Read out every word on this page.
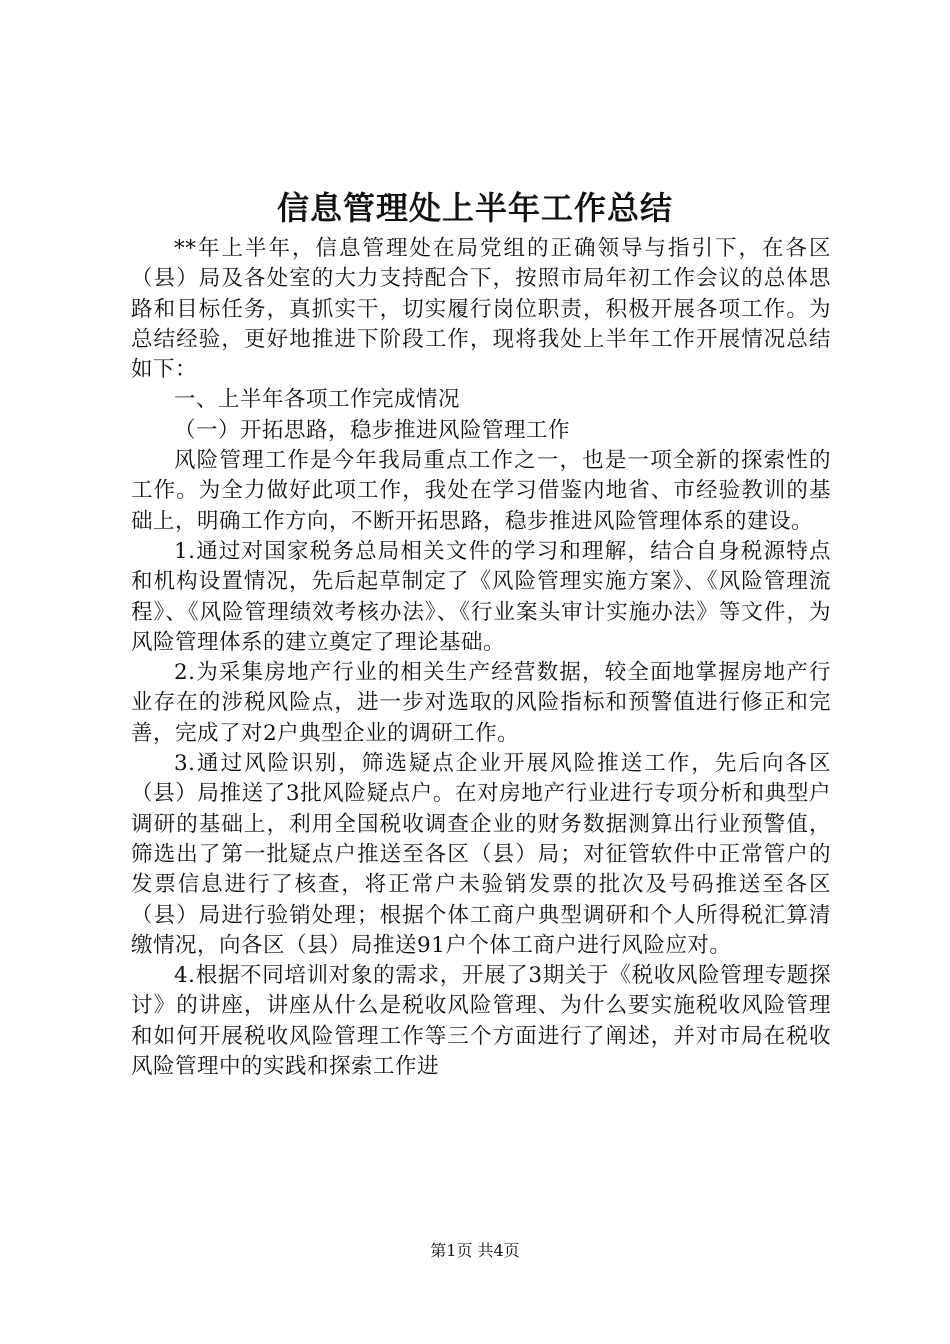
信息管理处上半年工作总结

**年上半年，信息管理处在局党组的正确领导与指引下，在各区（县）局及各处室的大力支持配合下，按照市局年初工作会议的总体思路和目标任务，真抓实干，切实履行岗位职责，积极开展各项工作。为总结经验，更好地推进下阶段工作，现将我处上半年工作开展情况总结如下：

一、上半年各项工作完成情况

（一）开拓思路，稳步推进风险管理工作

风险管理工作是今年我局重点工作之一，也是一项全新的探索性的工作。为全力做好此项工作，我处在学习借鉴内地省、市经验教训的基础上，明确工作方向，不断开拓思路，稳步推进风险管理体系的建设。

1.通过对国家税务总局相关文件的学习和理解，结合自身税源特点和机构设置情况，先后起草制定了《风险管理实施方案》、《风险管理流程》、《风险管理绩效考核办法》、《行业案头审计实施办法》等文件，为风险管理体系的建立奠定了理论基础。

2.为采集房地产行业的相关生产经营数据，较全面地掌握房地产行业存在的涉税风险点，进一步对选取的风险指标和预警值进行修正和完善，完成了对2户典型企业的调研工作。

3.通过风险识别，筛选疑点企业开展风险推送工作，先后向各区（县）局推送了3批风险疑点户。在对房地产行业进行专项分析和典型户调研的基础上，利用全国税收调查企业的财务数据测算出行业预警值，筛选出了第一批疑点户推送至各区（县）局；对征管软件中正常管户的发票信息进行了核查，将正常户未验销发票的批次及号码推送至各区（县）局进行验销处理；根据个体工商户典型调研和个人所得税汇算清缴情况，向各区（县）局推送91户个体工商户进行风险应对。

4.根据不同培训对象的需求，开展了3期关于《税收风险管理专题探讨》的讲座，讲座从什么是税收风险管理、为什么要实施税收风险管理和如何开展税收风险管理工作等三个方面进行了阐述，并对市局在税收风险管理中的实践和探索工作进

第1页 共4页
